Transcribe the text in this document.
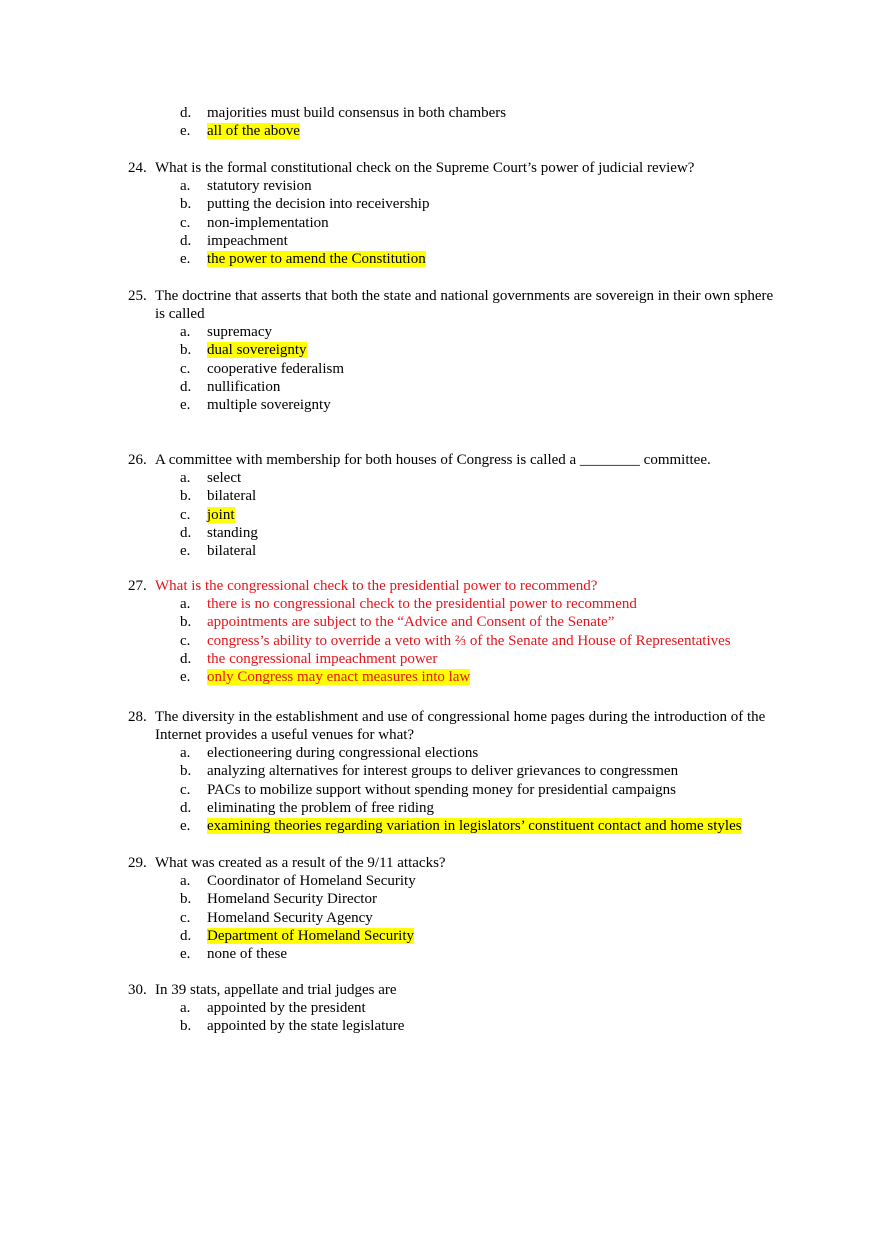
d. majorities must build consensus in both chambers
e. all of the above
24. What is the formal constitutional check on the Supreme Court’s power of judicial review?
a. statutory revision
b. putting the decision into receivership
c. non-implementation
d. impeachment
e. the power to amend the Constitution
25. The doctrine that asserts that both the state and national governments are sovereign in their own sphere is called
a. supremacy
b. dual sovereignty
c. cooperative federalism
d. nullification
e. multiple sovereignty
26. A committee with membership for both houses of Congress is called a ________ committee.
a. select
b. bilateral
c. joint
d. standing
e. bilateral
27. What is the congressional check to the presidential power to recommend?
a. there is no congressional check to the presidential power to recommend
b. appointments are subject to the “Advice and Consent of the Senate”
c. congress’s ability to override a veto with ⅔ of the Senate and House of Representatives
d. the congressional impeachment power
e. only Congress may enact measures into law
28. The diversity in the establishment and use of congressional home pages during the introduction of the Internet provides a useful venues for what?
a. electioneering during congressional elections
b. analyzing alternatives for interest groups to deliver grievances to congressmen
c. PACs to mobilize support without spending money for presidential campaigns
d. eliminating the problem of free riding
e. examining theories regarding variation in legislators’ constituent contact and home styles
29. What was created as a result of the 9/11 attacks?
a. Coordinator of Homeland Security
b. Homeland Security Director
c. Homeland Security Agency
d. Department of Homeland Security
e. none of these
30. In 39 stats, appellate and trial judges are
a. appointed by the president
b. appointed by the state legislature
